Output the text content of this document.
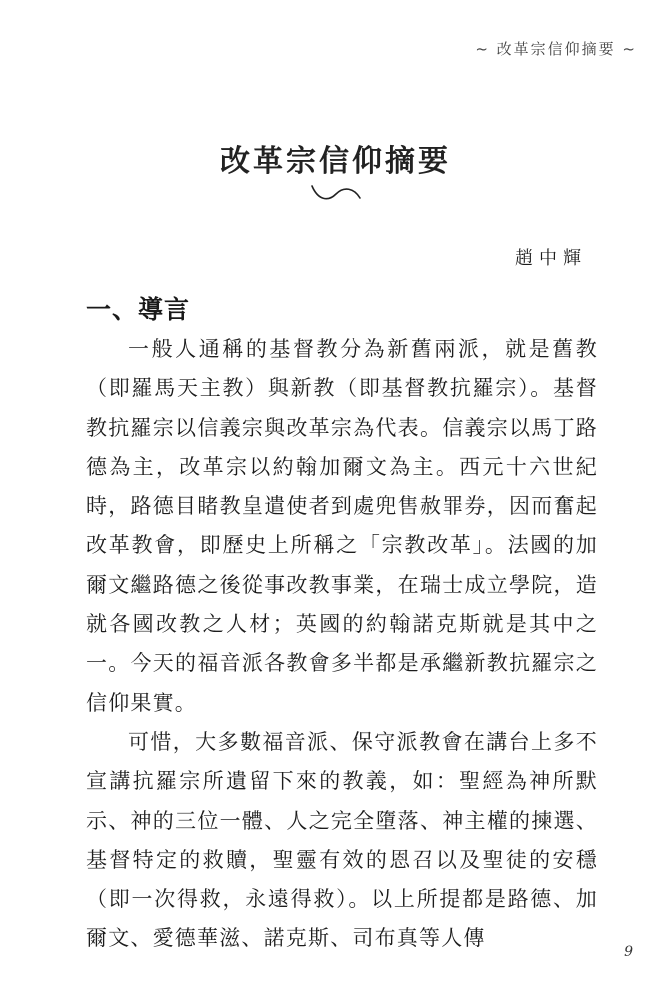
~ 改革宗信仰摘要 ~
改革宗信仰摘要
趙中輝
一、導言

一般人通稱的基督教分為新舊兩派，就是舊教（即羅馬天主教）與新教（即基督教抗羅宗）。基督教抗羅宗以信義宗與改革宗為代表。信義宗以馬丁路德為主，改革宗以約翰加爾文為主。西元十六世紀時，路德目睹教皇遣使者到處兜售赦罪券，因而奮起改革教會，即歷史上所稱之「宗教改革」。法國的加爾文繼路德之後從事改教事業，在瑞士成立學院，造就各國改教之人材；英國的約翰諾克斯就是其中之一。今天的福音派各教會多半都是承繼新教抗羅宗之信仰果實。

可惜，大多數福音派、保守派教會在講台上多不宣講抗羅宗所遺留下來的教義，如：聖經為神所默示、神的三位一體、人之完全墮落、神主權的揀選、基督特定的救贖，聖靈有效的恩召以及聖徒的安穩（即一次得救，永遠得救）。以上所提都是路德、加爾文、愛德華滋、諾克斯、司布真等人傳

9
